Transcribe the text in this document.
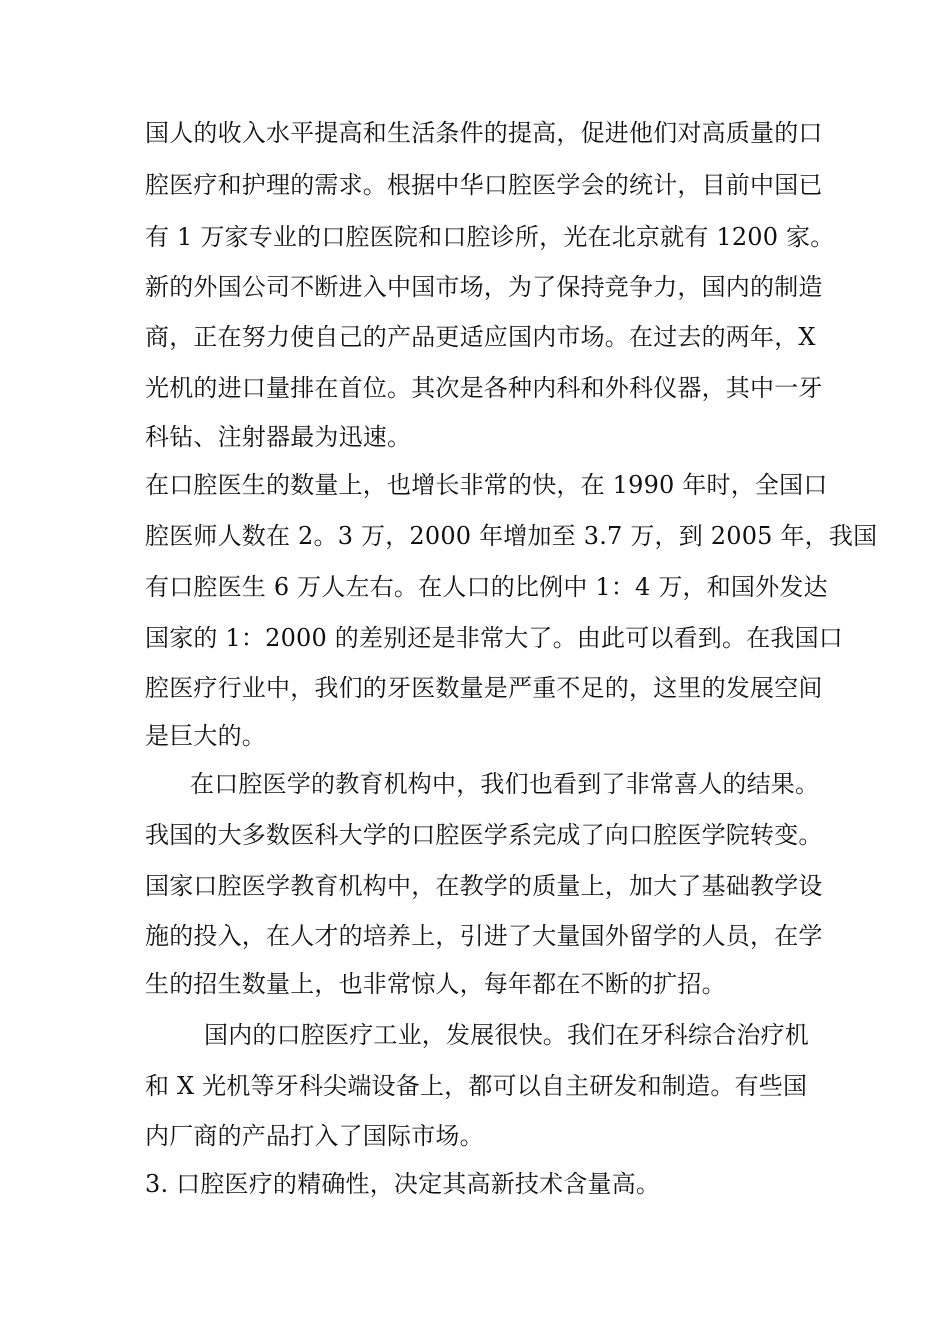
国人的收入水平提高和生活条件的提高，促进他们对高质量的口
腔医疗和护理的需求。根据中华口腔医学会的统计，目前中国已
有 1 万家专业的口腔医院和口腔诊所，光在北京就有 1200 家。
新的外国公司不断进入中国市场，为了保持竞争力，国内的制造
商，正在努力使自己的产品更适应国内市场。在过去的两年，X
光机的进口量排在首位。其次是各种内科和外科仪器，其中一牙
科钻、注射器最为迅速。
在口腔医生的数量上，也增长非常的快，在 1990 年时，全国口
腔医师人数在 2。3 万，2000 年增加至 3.7 万，到 2005 年，我国
有口腔医生 6 万人左右。在人口的比例中 1：4 万，和国外发达
国家的 1：2000 的差别还是非常大了。由此可以看到。在我国口
腔医疗行业中，我们的牙医数量是严重不足的，这里的发展空间
是巨大的。
在口腔医学的教育机构中，我们也看到了非常喜人的结果。
我国的大多数医科大学的口腔医学系完成了向口腔医学院转变。
国家口腔医学教育机构中，在教学的质量上，加大了基础教学设
施的投入，在人才的培养上，引进了大量国外留学的人员，在学
生的招生数量上，也非常惊人，每年都在不断的扩招。
国内的口腔医疗工业，发展很快。我们在牙科综合治疗机
和 X 光机等牙科尖端设备上，都可以自主研发和制造。有些国
内厂商的产品打入了国际市场。
3. 口腔医疗的精确性，决定其高新技术含量高。
